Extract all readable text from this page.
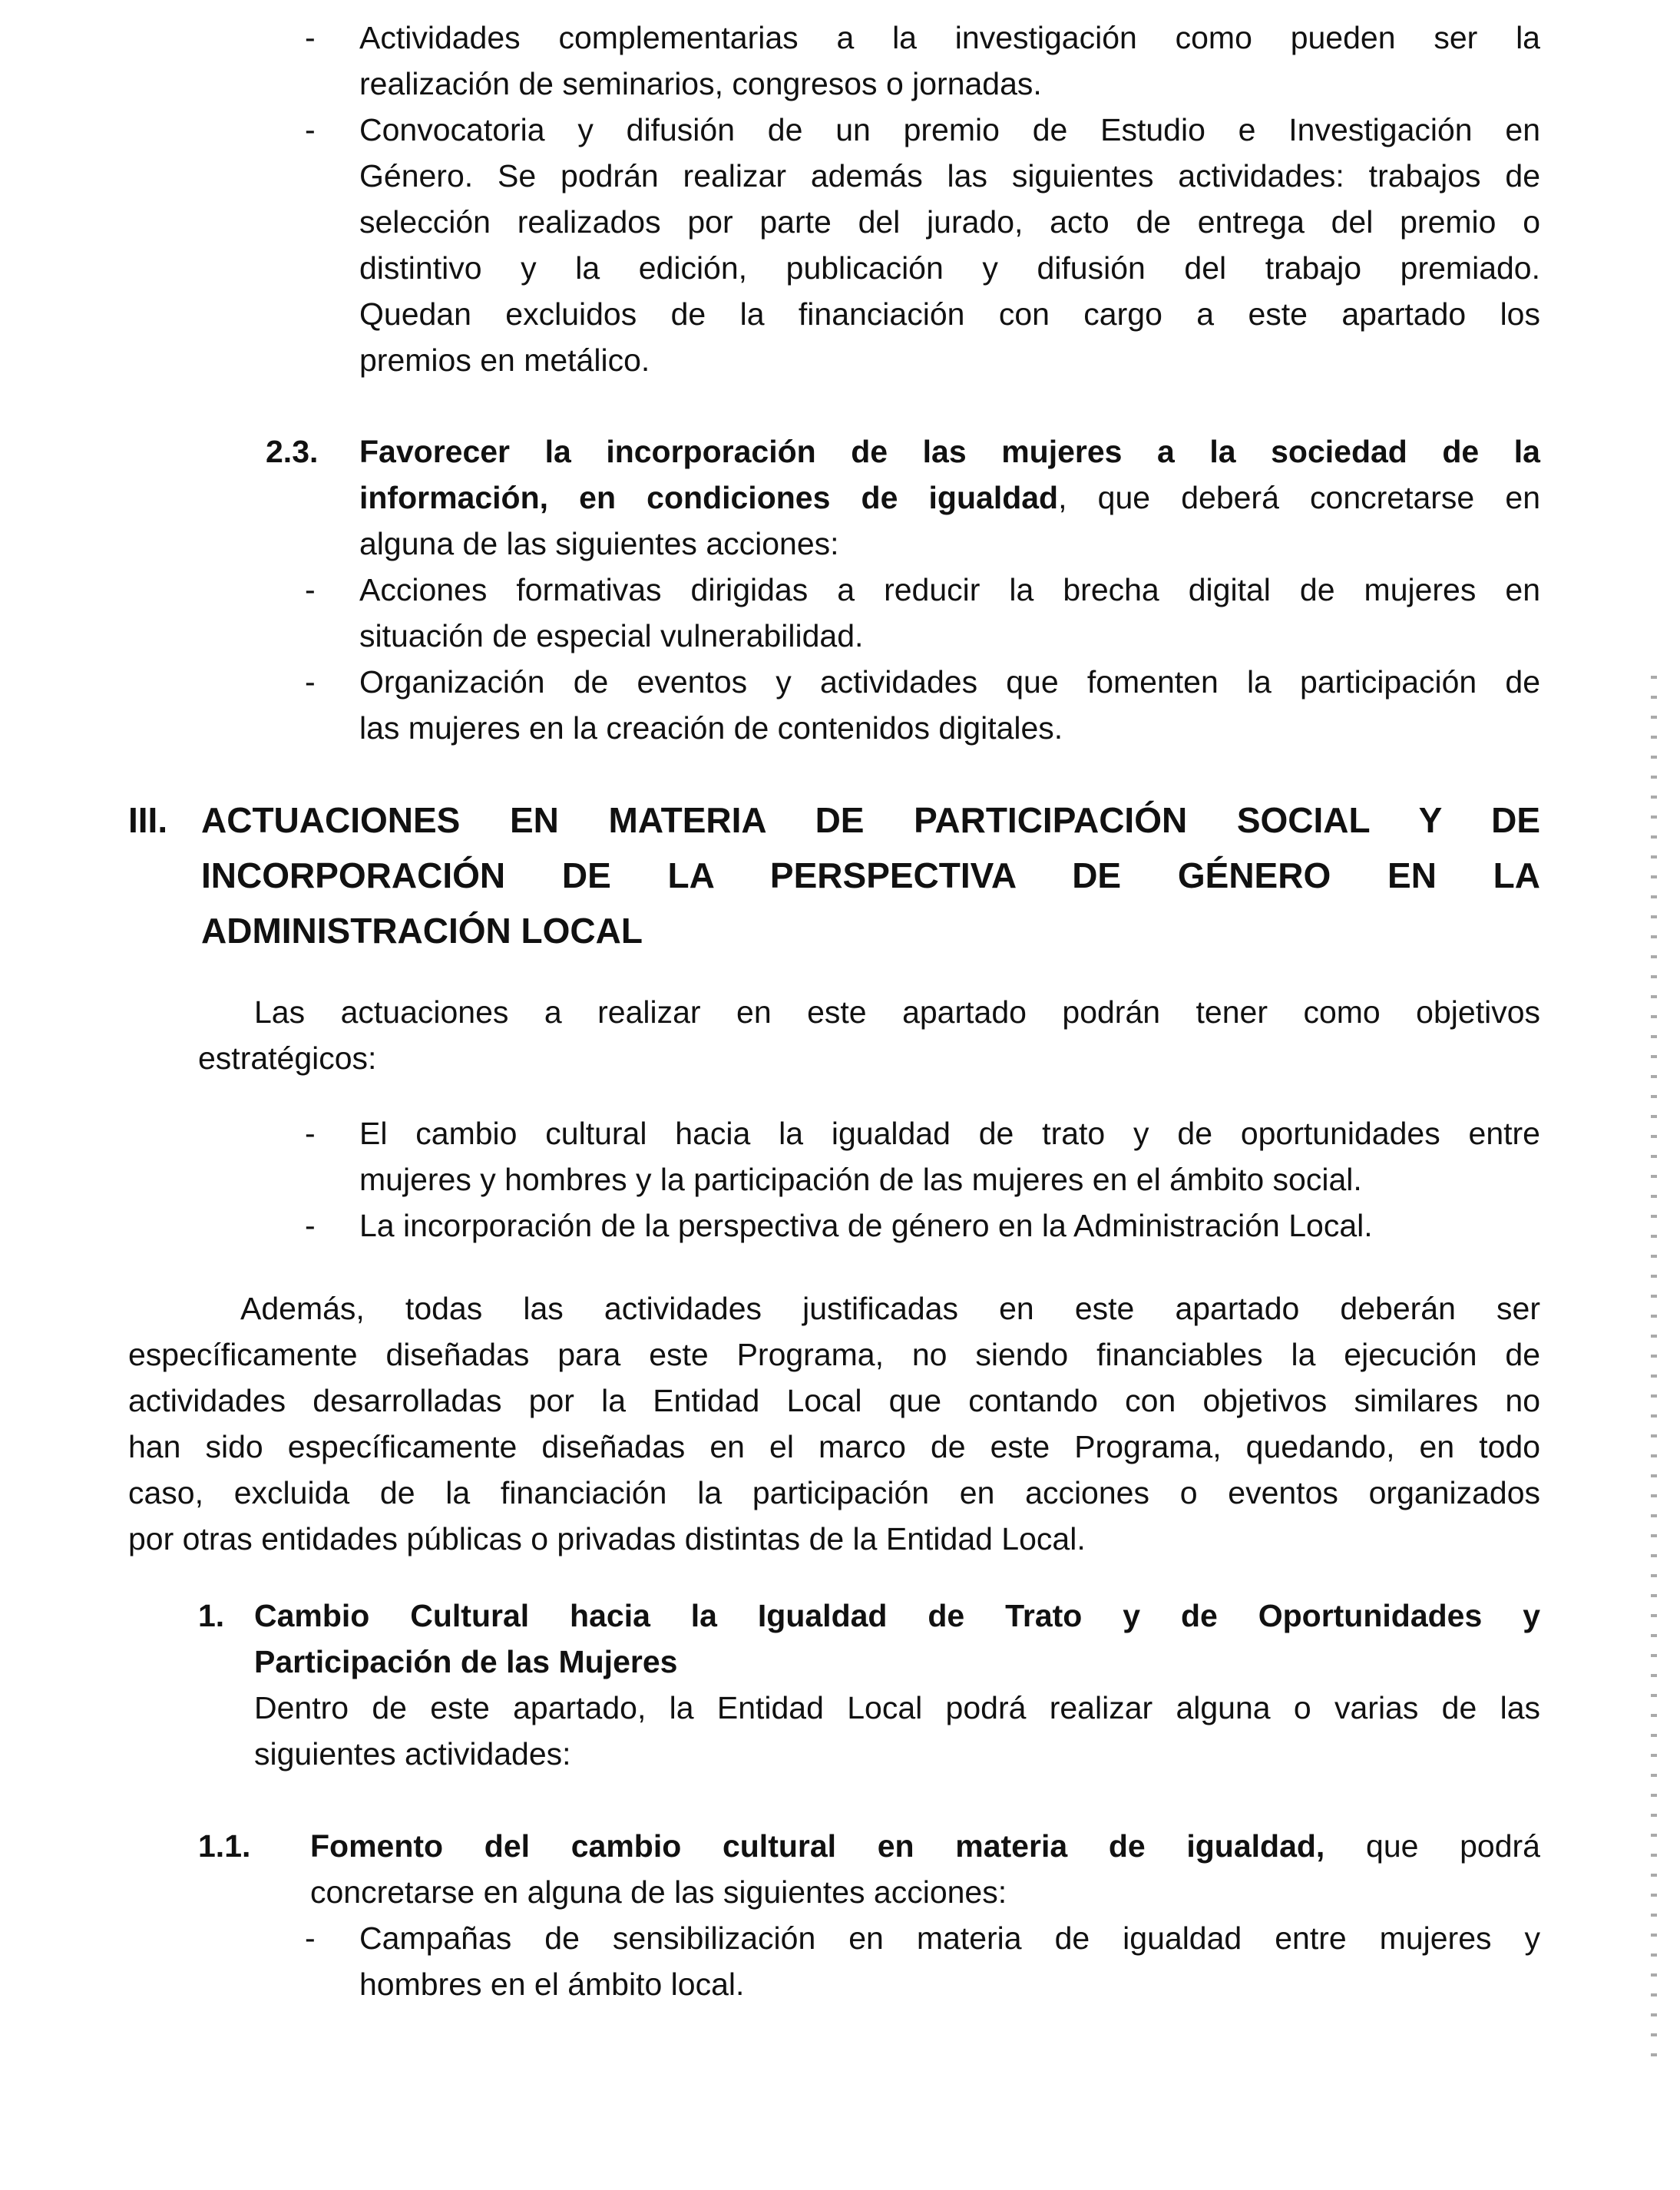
- Actividades complementarias a la investigación como pueden ser la
realización de seminarios, congresos o jornadas.
- Convocatoria y difusión de un premio de Estudio e Investigación en
Género. Se podrán realizar además las siguientes actividades: trabajos de
selección realizados por parte del jurado, acto de entrega del premio o
distintivo y la edición, publicación y difusión del trabajo premiado.
Quedan excluidos de la financiación con cargo a este apartado los
premios en metálico.
2.3. Favorecer la incorporación de las mujeres a la sociedad de la
información, en condiciones de igualdad, que deberá concretarse en
alguna de las siguientes acciones:
- Acciones formativas dirigidas a reducir la brecha digital de mujeres en
situación de especial vulnerabilidad.
- Organización de eventos y actividades que fomenten la participación de
las mujeres en la creación de contenidos digitales.
III. ACTUACIONES EN MATERIA DE PARTICIPACIÓN SOCIAL Y DE
INCORPORACIÓN DE LA PERSPECTIVA DE GÉNERO EN LA
ADMINISTRACIÓN LOCAL
Las actuaciones a realizar en este apartado podrán tener como objetivos
estratégicos:
- El cambio cultural hacia la igualdad de trato y de oportunidades entre
mujeres y hombres y la participación de las mujeres en el ámbito social.
- La incorporación de la perspectiva de género en la Administración Local.
Además, todas las actividades justificadas en este apartado deberán ser
específicamente diseñadas para este Programa, no siendo financiables la ejecución de
actividades desarrolladas por la Entidad Local que contando con objetivos similares no
han sido específicamente diseñadas en el marco de este Programa, quedando, en todo
caso, excluida de la financiación la participación en acciones o eventos organizados
por otras entidades públicas o privadas distintas de la Entidad Local.
1. Cambio Cultural hacia la Igualdad de Trato y de Oportunidades y
Participación de las Mujeres
Dentro de este apartado, la Entidad Local podrá realizar alguna o varias de las
siguientes actividades:
1.1. Fomento del cambio cultural en materia de igualdad, que podrá
concretarse en alguna de las siguientes acciones:
- Campañas de sensibilización en materia de igualdad entre mujeres y
hombres en el ámbito local.
